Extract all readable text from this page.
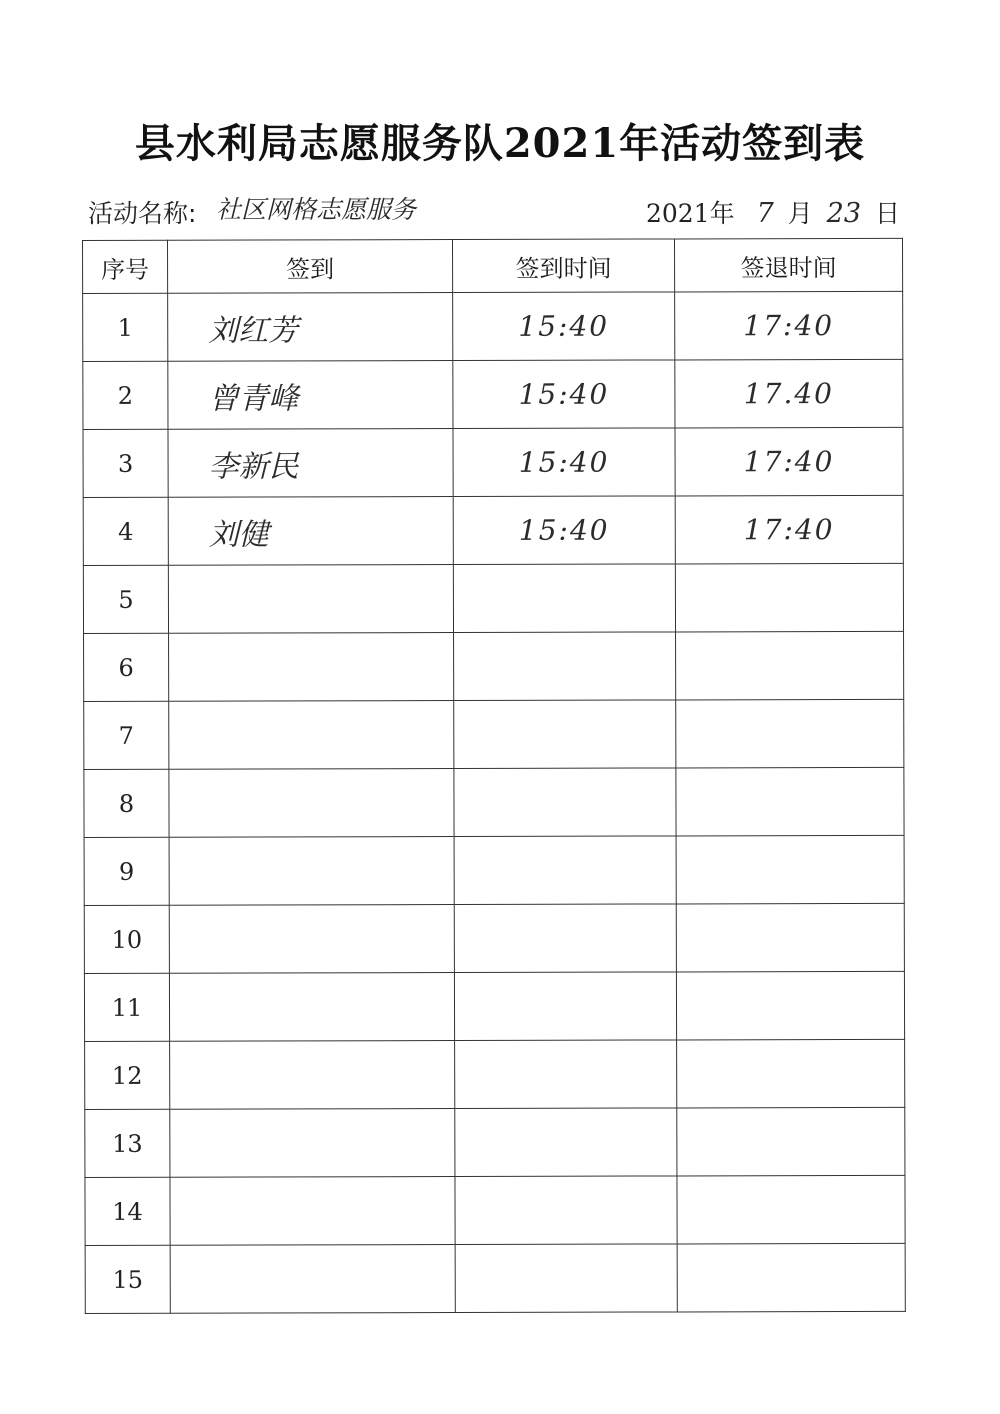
县水利局志愿服务队2021年活动签到表
活动名称: 社区网格志愿服务	2021年 7 月 23 日
序号	签到	签到时间	签退时间
1	刘红芳	15:40	17:40
2	曾青峰	15:40	17.40
3	李新民	15:40	17:40
4	刘健	15:40	17:40
5			
6			
7			
8			
9			
10			
11			
12			
13			
14			
15			
